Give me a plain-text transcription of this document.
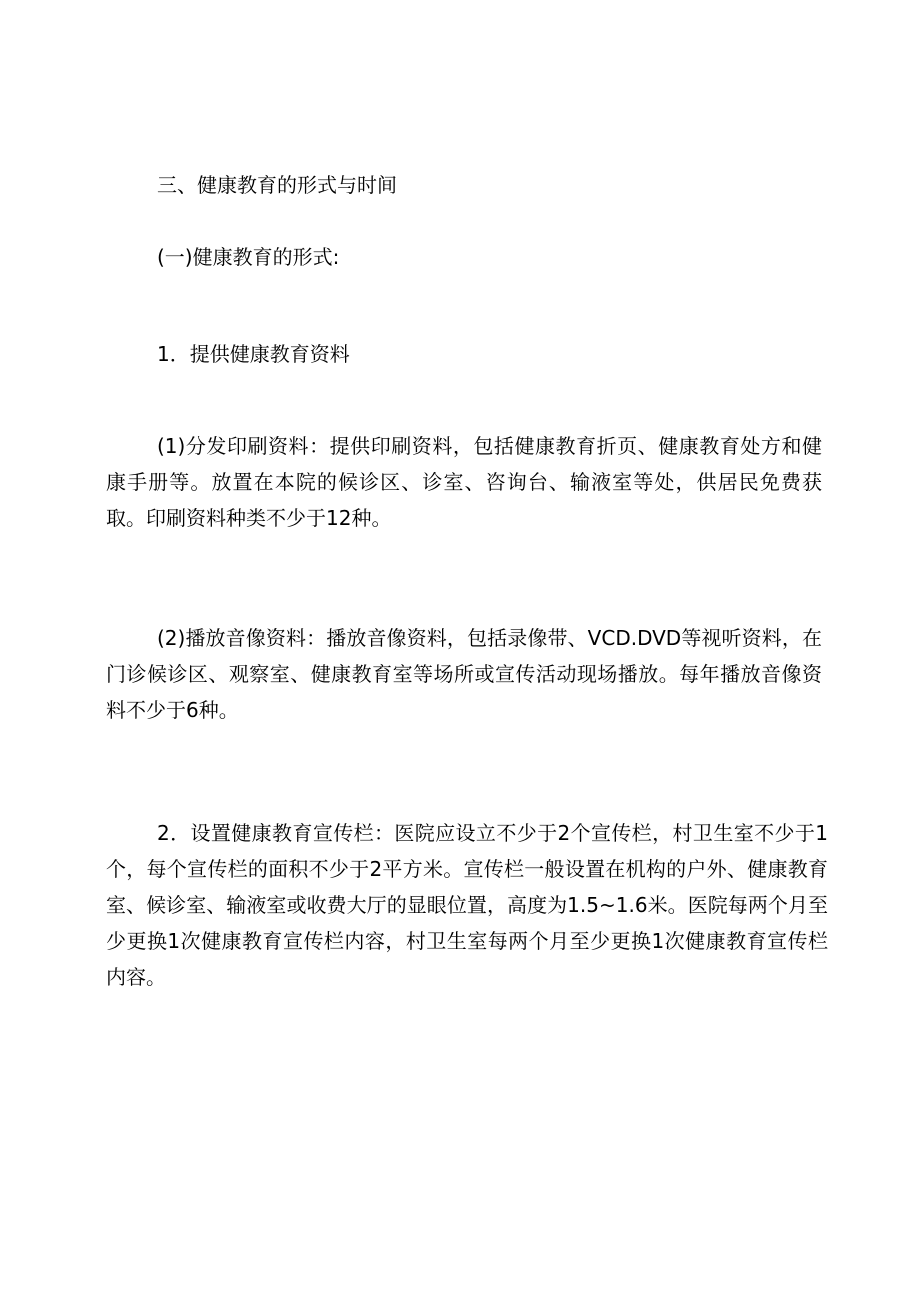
三、健康教育的形式与时间
(一)健康教育的形式:
1．提供健康教育资料

(1)分发印刷资料：提供印刷资料，包括健康教育折页、健康教育处方和健康手册等。放置在本院的候诊区、诊室、咨询台、输液室等处，供居民免费获取。印刷资料种类不少于12种。

(2)播放音像资料：播放音像资料，包括录像带、VCD.DVD等视听资料，在门诊候诊区、观察室、健康教育室等场所或宣传活动现场播放。每年播放音像资料不少于6种。

2．设置健康教育宣传栏：医院应设立不少于2个宣传栏，村卫生室不少于1个，每个宣传栏的面积不少于2平方米。宣传栏一般设置在机构的户外、健康教育室、候诊室、输液室或收费大厅的显眼位置，高度为1.5~1.6米。医院每两个月至少更换1次健康教育宣传栏内容，村卫生室每两个月至少更换1次健康教育宣传栏内容。
